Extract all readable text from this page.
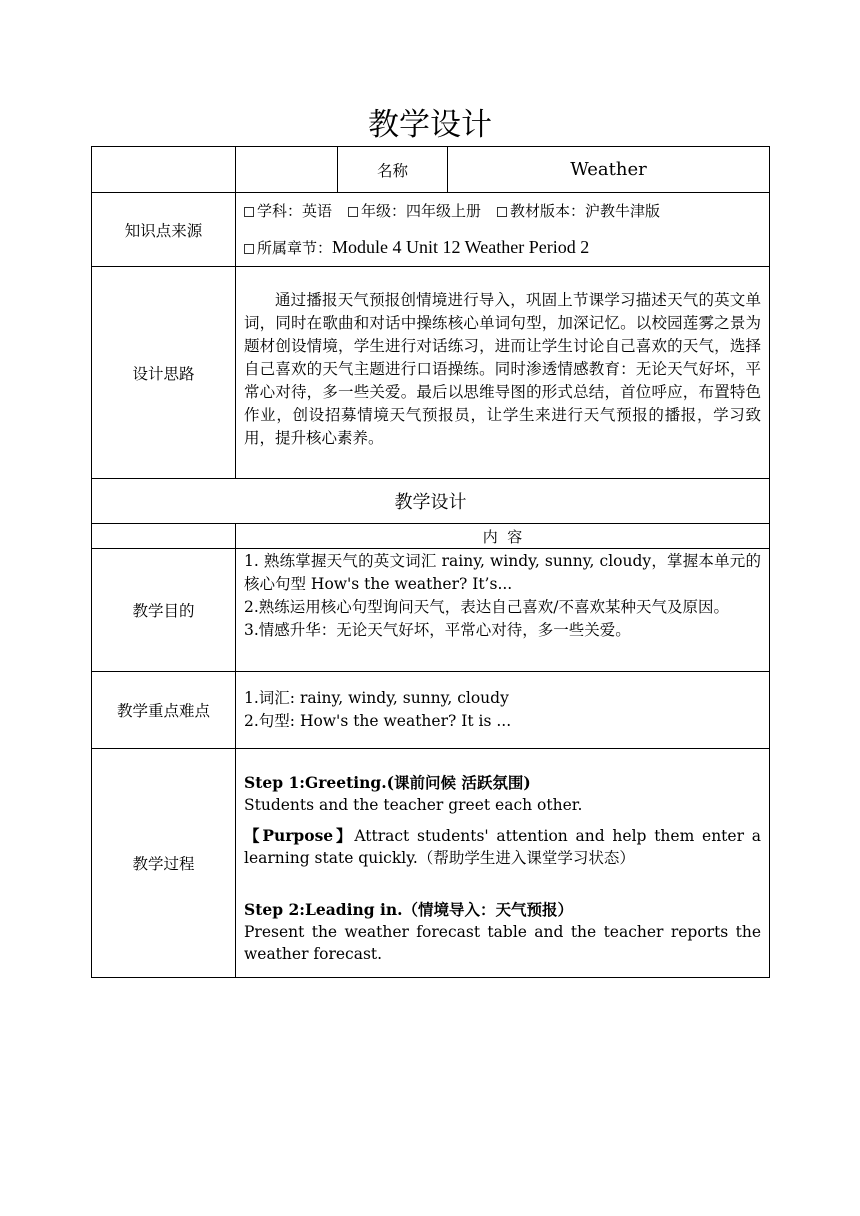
教学设计
		名称	Weather
知识点来源	学科：英语 年级：四年级上册 教材版本：沪教牛津版
所属章节：Module 4 Unit 12 Weather Period 2		

设计思路	通过播报天气预报创情境进行导入，巩固上节课学习描述天气的英文单词，同时在歌曲和对话中操练核心单词句型，加深记忆。以校园莲雾之景为题材创设情境，学生进行对话练习，进而让学生讨论自己喜欢的天气，选择自己喜欢的天气主题进行口语操练。同时渗透情感教育：无论天气好坏，平常心对待，多一些关爱。最后以思维导图的形式总结，首位呼应，布置特色作业，创设招募情境天气预报员，让学生来进行天气预报的播报，学习致用，提升核心素养。		

教学设计			
	内  容		
教学目的	1. 熟练掌握天气的英文词汇 rainy, windy, sunny, cloudy，掌握本单元的核心句型 How's the weather? It’s...
2.熟练运用核心句型询问天气，表达自己喜欢/不喜欢某种天气及原因。
3.情感升华：无论天气好坏，平常心对待，多一些关爱。		

教学重点难点	1.词汇: rainy, windy, sunny, cloudy
2.句型: How's the weather? It is ...		

教学过程	Step 1:Greeting.(课前问候 活跃氛围)
Students and the teacher greet each other.
【Purpose】Attract students' attention and help them enter a learning state quickly.（帮助学生进入课堂学习状态）
Step 2:Leading in.（情境导入：天气预报）
Present the weather forecast table and the teacher reports the weather forecast.		
